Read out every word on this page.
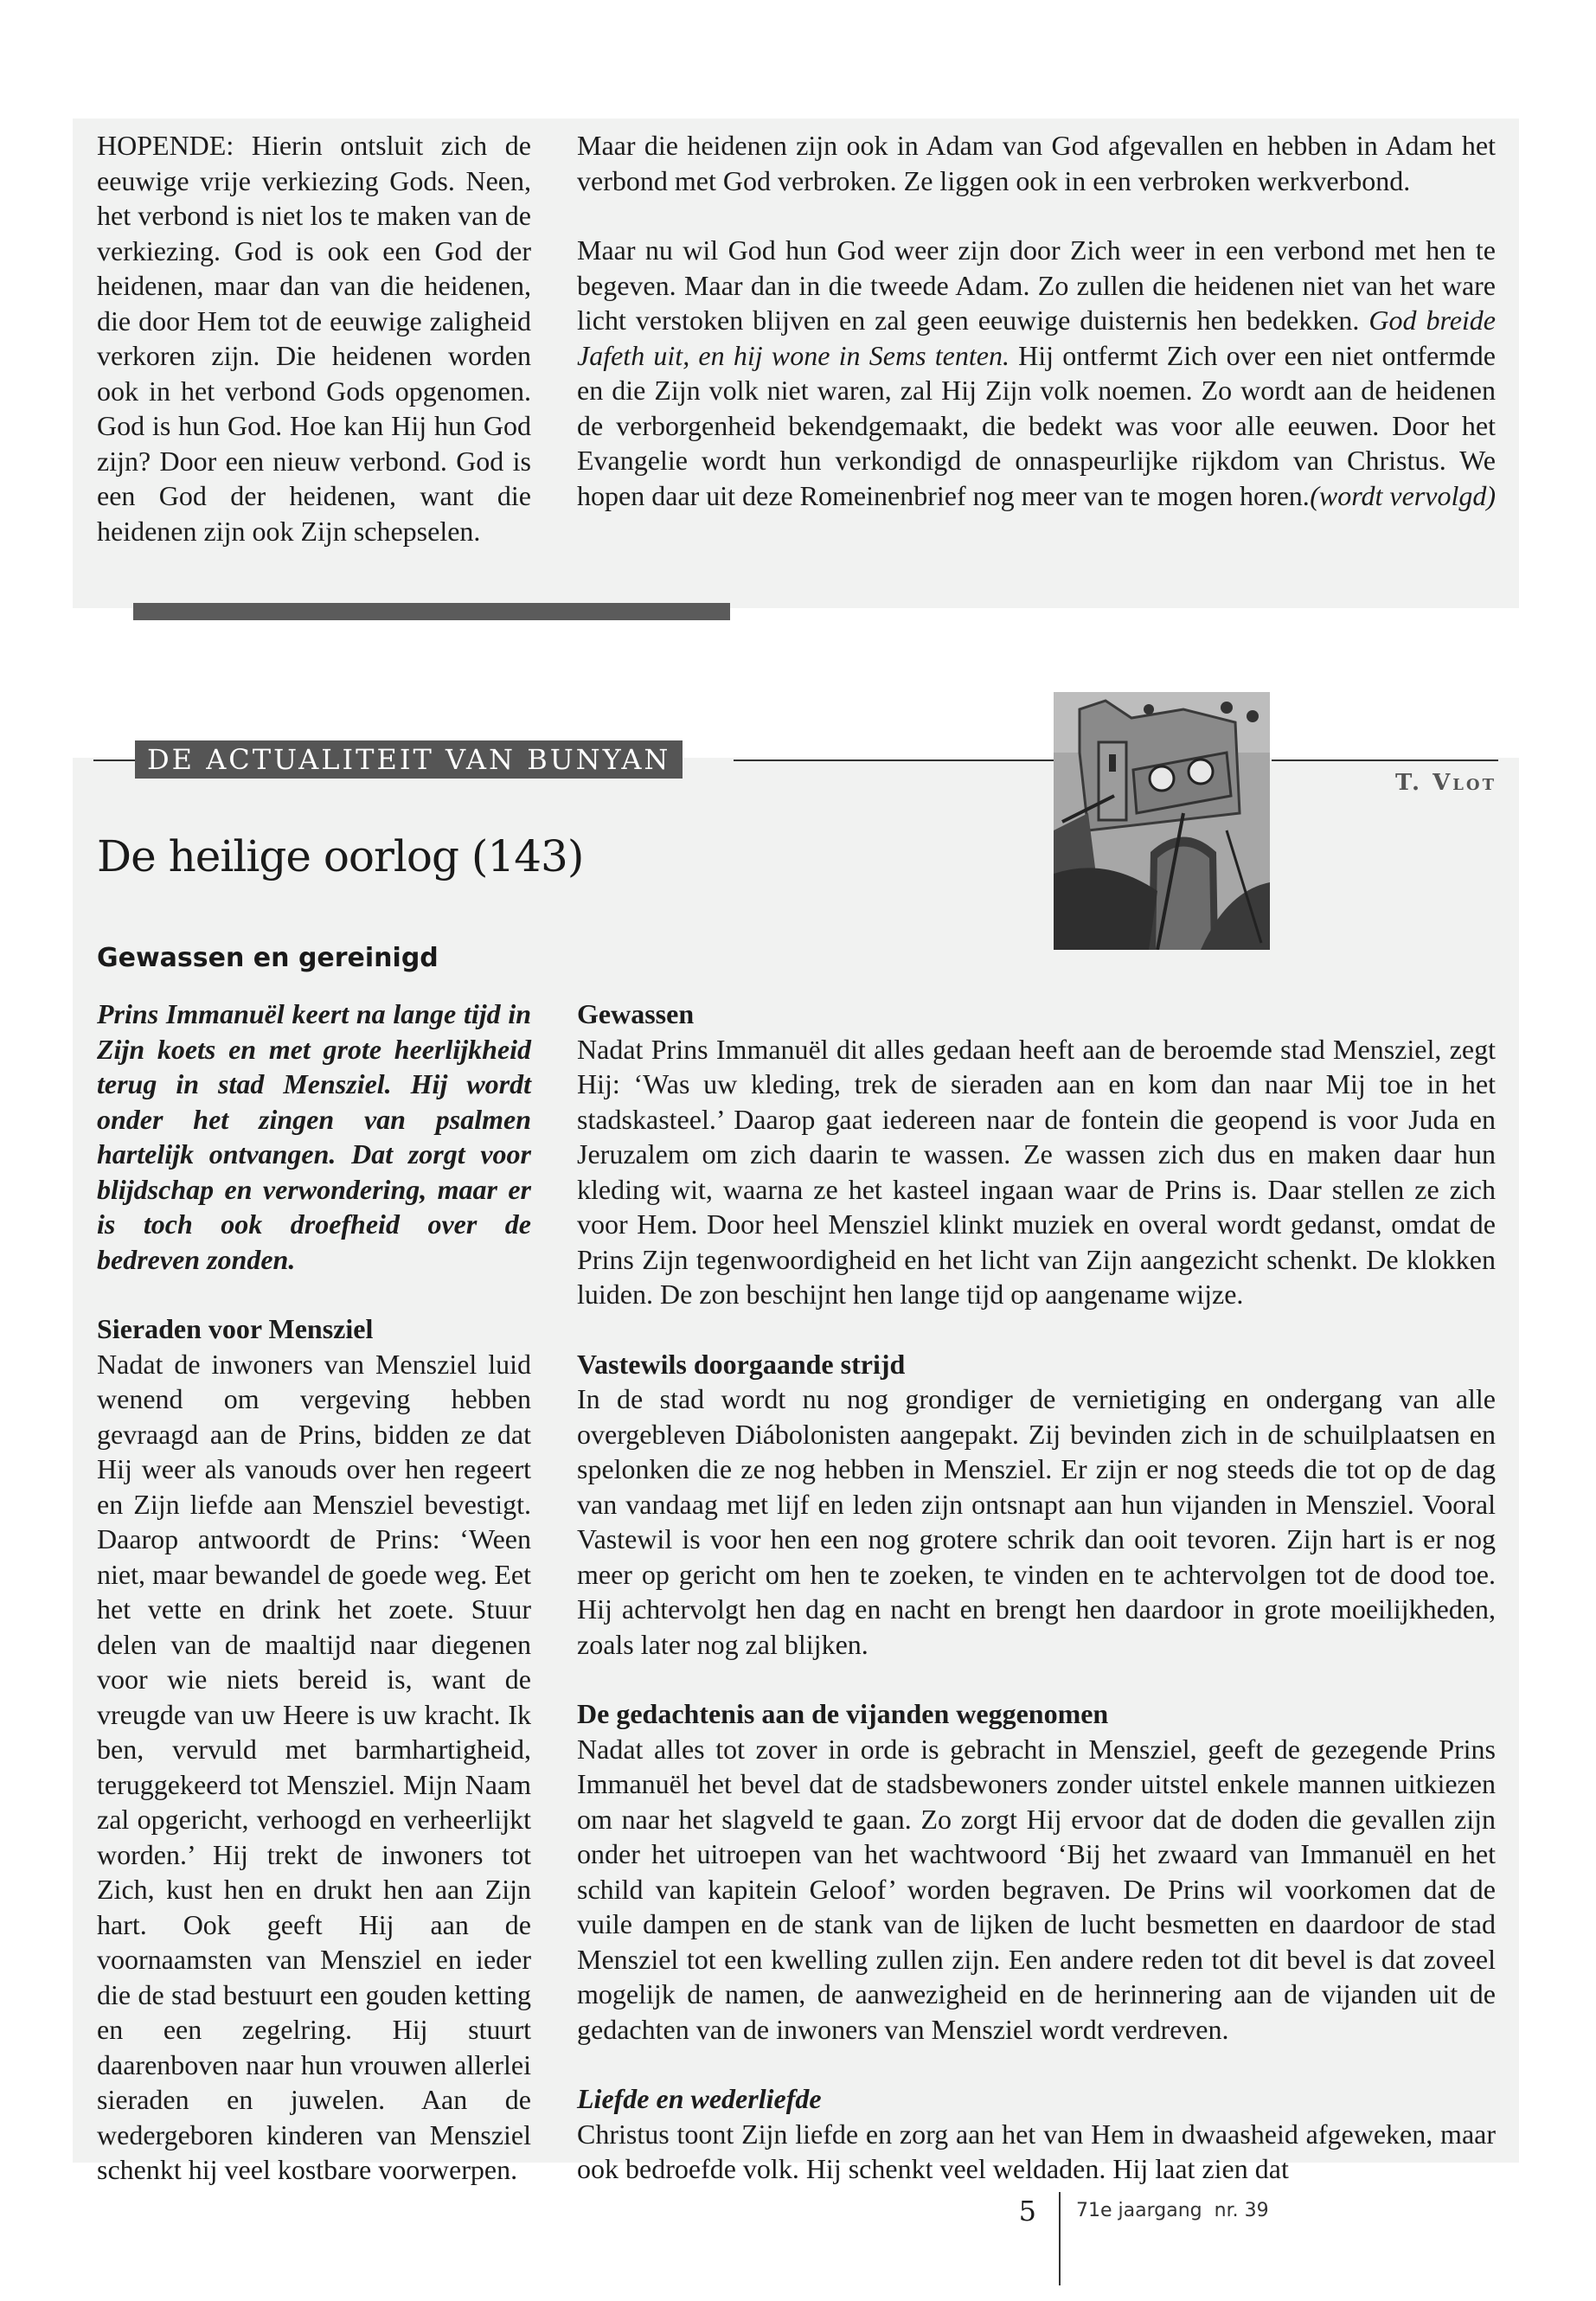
HOPENDE: Hierin ontsluit zich de eeuwige vrije verkiezing Gods. Neen, het verbond is niet los te maken van de verkiezing. God is ook een God der heidenen, maar dan van die heidenen, die door Hem tot de eeuwige zaligheid verkoren zijn. Die heidenen worden ook in het verbond Gods opgenomen. God is hun God. Hoe kan Hij hun God zijn? Door een nieuw verbond. God is een God der heidenen, want die heidenen zijn ook Zijn schepselen.

Maar die heidenen zijn ook in Adam van God afgevallen en hebben in Adam het verbond met God verbroken. Ze liggen ook in een verbroken werkverbond.

Maar nu wil God hun God weer zijn door Zich weer in een verbond met hen te begeven. Maar dan in die tweede Adam. Zo zullen die heidenen niet van het ware licht verstoken blijven en zal geen eeuwige duisternis hen bedekken. God breide Jafeth uit, en hij wone in Sems tenten. Hij ontfermt Zich over een niet ontfermde en die Zijn volk niet waren, zal Hij Zijn volk noemen. Zo wordt aan de heidenen de verborgenheid bekendgemaakt, die bedekt was voor alle eeuwen. Door het Evangelie wordt hun verkondigd de onnaspeurlijke rijkdom van Christus. We hopen daar uit deze Romeinenbrief nog meer van te mogen horen. (wordt vervolgd)

DE ACTUALITEIT VAN BUNYAN
T. Vlot
De heilige oorlog (143)
Gewassen en gereinigd

Prins Immanuël keert na lange tijd in Zijn koets en met grote heerlijkheid terug in stad Mensziel. Hij wordt onder het zingen van psalmen hartelijk ontvangen. Dat zorgt voor blijdschap en verwondering, maar er is toch ook droefheid over de bedreven zonden.

Sieraden voor Mensziel

Nadat de inwoners van Mensziel luid wenend om vergeving hebben gevraagd aan de Prins, bidden ze dat Hij weer als vanouds over hen regeert en Zijn liefde aan Mensziel bevestigt. Daarop antwoordt de Prins: ‘Ween niet, maar bewandel de goede weg. Eet het vette en drink het zoete. Stuur delen van de maaltijd naar diegenen voor wie niets bereid is, want de vreugde van uw Heere is uw kracht. Ik ben, vervuld met barmhartigheid, teruggekeerd tot Mensziel. Mijn Naam zal opgericht, verhoogd en verheerlijkt worden.’ Hij trekt de inwoners tot Zich, kust hen en drukt hen aan Zijn hart. Ook geeft Hij aan de voornaamsten van Mensziel en ieder die de stad bestuurt een gouden ketting en een zegelring. Hij stuurt daarenboven naar hun vrouwen allerlei sieraden en juwelen. Aan de wedergeboren kinderen van Mensziel schenkt hij veel kostbare voorwerpen.

Gewassen

Nadat Prins Immanuël dit alles gedaan heeft aan de beroemde stad Mensziel, zegt Hij: ‘Was uw kleding, trek de sieraden aan en kom dan naar Mij toe in het stadskasteel.’ Daarop gaat iedereen naar de fontein die geopend is voor Juda en Jeruzalem om zich daarin te wassen. Ze wassen zich dus en maken daar hun kleding wit, waarna ze het kasteel ingaan waar de Prins is. Daar stellen ze zich voor Hem. Door heel Mensziel klinkt muziek en overal wordt gedanst, omdat de Prins Zijn tegenwoordigheid en het licht van Zijn aangezicht schenkt. De klokken luiden. De zon beschijnt hen lange tijd op aangename wijze.

Vastewils doorgaande strijd

In de stad wordt nu nog grondiger de vernietiging en ondergang van alle overgebleven Diábolonisten aangepakt. Zij bevinden zich in de schuilplaatsen en spelonken die ze nog hebben in Mensziel. Er zijn er nog steeds die tot op de dag van vandaag met lijf en leden zijn ontsnapt aan hun vijanden in Mensziel. Vooral Vastewil is voor hen een nog grotere schrik dan ooit tevoren. Zijn hart is er nog meer op gericht om hen te zoeken, te vinden en te achtervolgen tot de dood toe. Hij achtervolgt hen dag en nacht en brengt hen daardoor in grote moeilijkheden, zoals later nog zal blijken.

De gedachtenis aan de vijanden weggenomen

Nadat alles tot zover in orde is gebracht in Mensziel, geeft de gezegende Prins Immanuël het bevel dat de stadsbewoners zonder uitstel enkele mannen uitkiezen om naar het slagveld te gaan. Zo zorgt Hij ervoor dat de doden die gevallen zijn onder het uitroepen van het wachtwoord ‘Bij het zwaard van Immanuël en het schild van kapitein Geloof’ worden begraven. De Prins wil voorkomen dat de vuile dampen en de stank van de lijken de lucht besmetten en daardoor de stad Mensziel tot een kwelling zullen zijn. Een andere reden tot dit bevel is dat zoveel mogelijk de namen, de aanwezigheid en de herinnering aan de vijanden uit de gedachten van de inwoners van Mensziel wordt verdreven.

Liefde en wederliefde

Christus toont Zijn liefde en zorg aan het van Hem in dwaasheid afgeweken, maar ook bedroefde volk. Hij schenkt veel weldaden. Hij laat zien dat

5 71e jaargang nr. 39
